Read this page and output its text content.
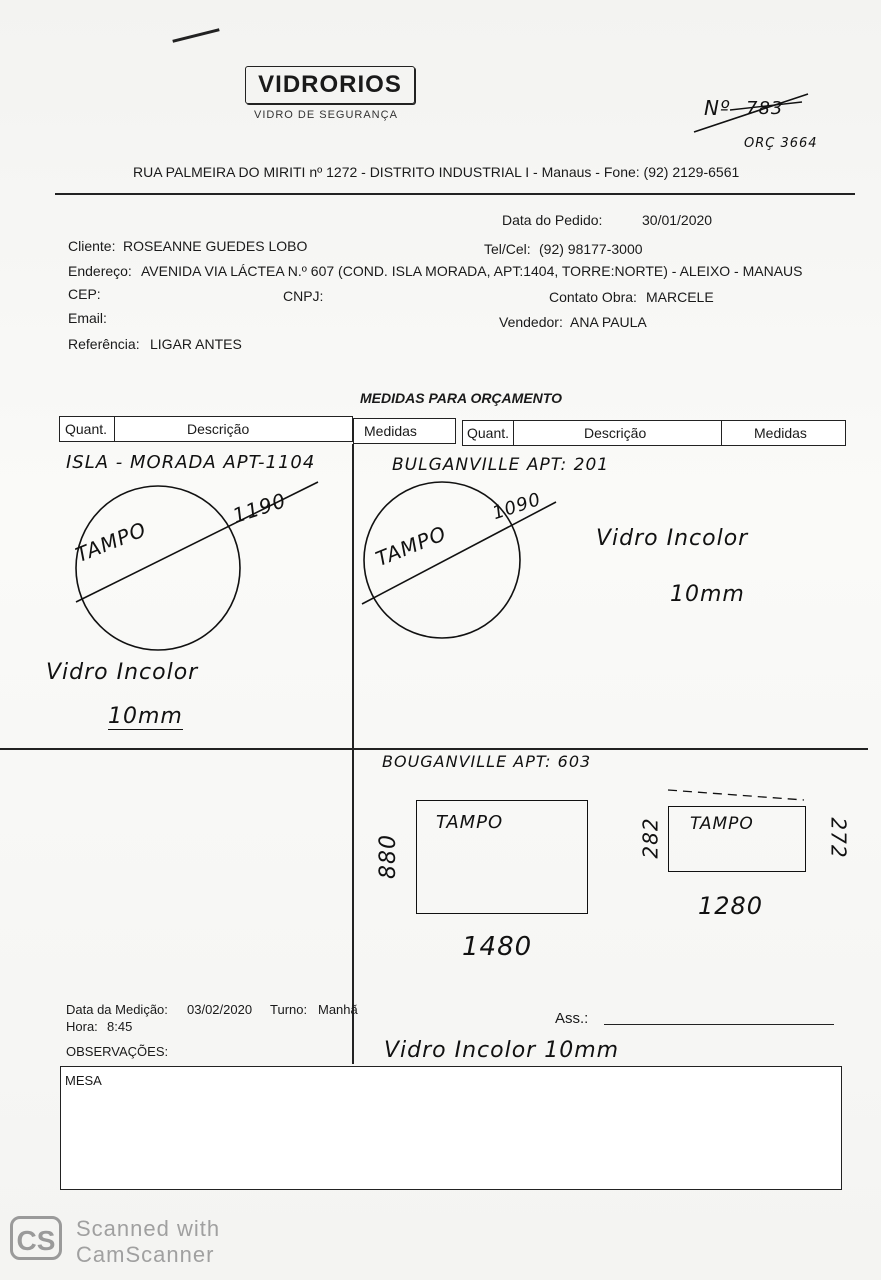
VIDRORIOS
VIDRO DE SEGURANÇA	Nº 783
ORÇ 3664
RUA PALMEIRA DO MIRITI nº 1272 - DISTRITO INDUSTRIAL I - Manaus - Fone: (92) 2129-6561
Data do Pedido:	30/01/2020
Cliente: ROSEANNE GUEDES LOBO	Tel/Cel: (92) 98177-3000
Endereço: AVENIDA VIA LÁCTEA N.º 607 (COND. ISLA MORADA, APT:1404, TORRE:NORTE) - ALEIXO - MANAUS
CEP:	CNPJ:	Contato Obra: MARCELE
Email:	Vendedor: ANA PAULA
Referência: LIGAR ANTES
MEDIDAS PARA ORÇAMENTO
Quant.	Descrição	Medidas	Quant.	Descrição	Medidas
ISLA - MORADA APT-1104
TAMPO
1190
Vidro Incolor
10mm
BULGANVILLE APT: 201
TAMPO
1090
Vidro Incolor
10mm
BOUGANVILLE APT: 603
TAMPO
880
1480
TAMPO
282	272
1280
Data da Medição: 03/02/2020 Turno: Manhã
Hora: 8:45	Ass.:
OBSERVAÇÕES:	Vidro Incolor 10mm
MESA
CS Scanned with
CamScanner
